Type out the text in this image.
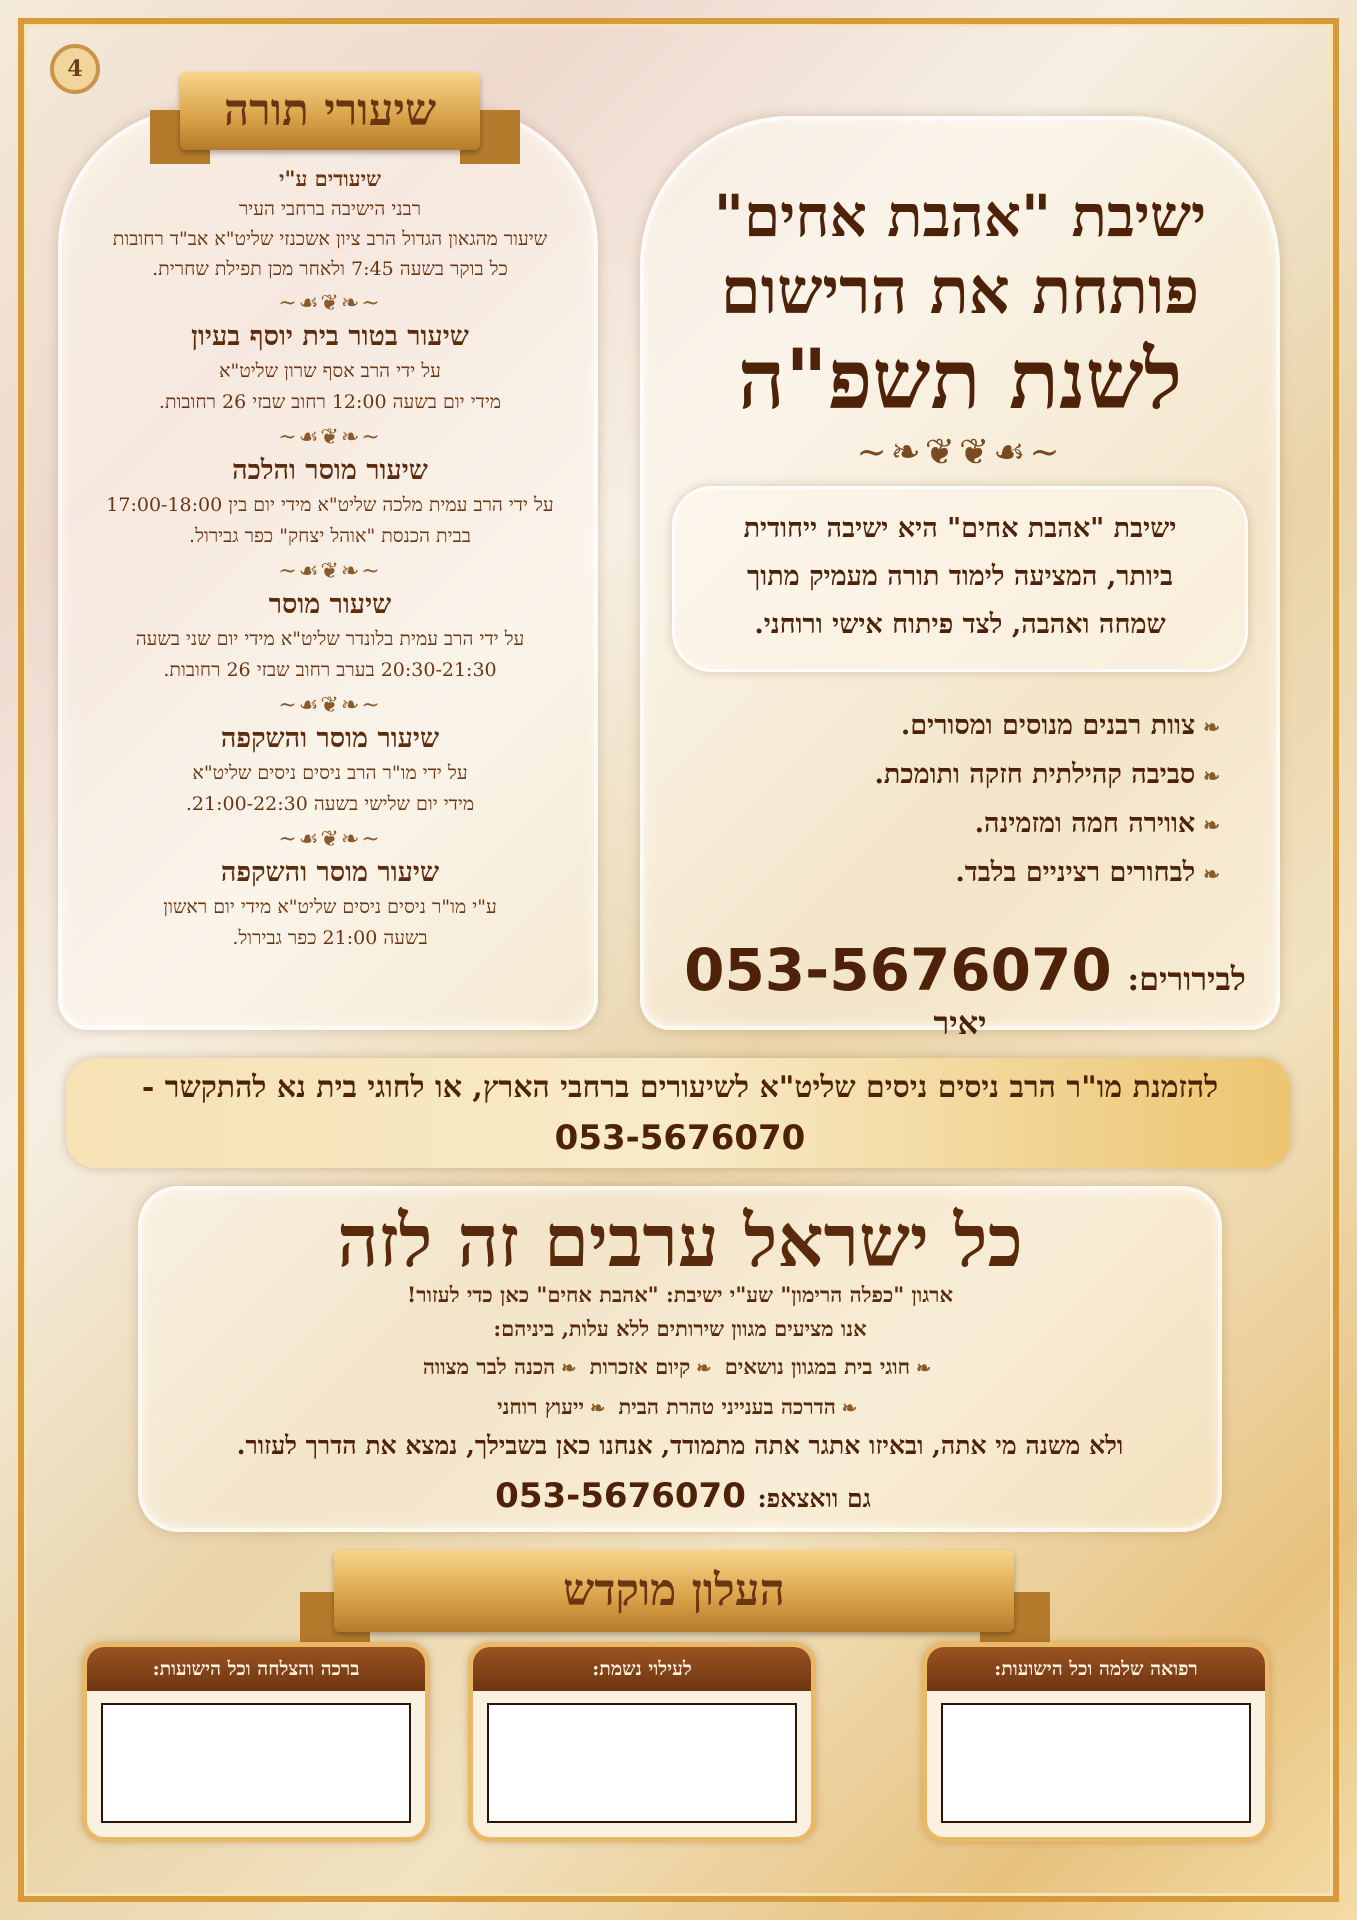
4
שיעורי תורה
שיעודים ע"י
רבני הישיבה ברחבי העיר
שיעור מהגאון הגדול הרב ציון אשכנזי שליט"א אב"ד רחובות
כל בוקר בשעה 7:45 ולאחר מכן תפילת שחרית.
~❧❦☙~
שיעור בטור בית יוסף בעיון
על ידי הרב אסף שרון שליט"א
מידי יום בשעה 12:00 רחוב שבזי 26 רחובות.
~❧❦☙~
שיעור מוסר והלכה
על ידי הרב עמית מלכה שליט"א מידי יום בין 17:00-18:00
בבית הכנסת "אוהל יצחק" כפר גבירול.
~❧❦☙~
שיעור מוסר
על ידי הרב עמית בלונדר שליט"א מידי יום שני בשעה
20:30-21:30 בערב רחוב שבזי 26 רחובות.
~❧❦☙~
שיעור מוסר והשקפה
על ידי מו"ר הרב ניסים ניסים שליט"א
מידי יום שלישי בשעה 21:00-22:30.
~❧❦☙~
שיעור מוסר והשקפה
ע"י מו"ר ניסים ניסים שליט"א מידי יום ראשון
בשעה 21:00 כפר גבירול.
ישיבת "אהבת אחים"
פותחת את הרישום
לשנת תשפ"ה
~❧❦❦☙~
ישיבת "אהבת אחים" היא ישיבה ייחודית
ביותר, המציעה לימוד תורה מעמיק מתוך
שמחה ואהבה, לצד פיתוח אישי ורוחני.
❧צוות רבנים מנוסים ומסורים.
❧סביבה קהילתית חזקה ותומכת.
❧אווירה חמה ומזמינה.
❧לבחורים רציניים בלבד.
לבירורים: 053-5676070 יאיר
להזמנת מו"ר הרב ניסים ניסים שליט"א לשיעורים ברחבי הארץ, או לחוגי בית נא להתקשר -
053-5676070
כל ישראל ערבים זה לזה
ארגון "כפלה הרימון" שע"י ישיבת: "אהבת אחים" כאן כדי לעזור!
אנו מציעים מגוון שירותים ללא עלות, ביניהם:
❧חוגי בית במגוון נושאים ❧קיום אזכרות ❧הכנה לבר מצווה
❧הדרכה בענייני טהרת הבית ❧ייעוץ רוחני
ולא משנה מי אתה, ובאיזו אתגר אתה מתמודד, אנחנו כאן בשבילך, נמצא את הדרך לעזור.
גם וואצאפ: 053-5676070
העלון מוקדש
ברכה והצלחה וכל הישועות:	לעילוי נשמת:	רפואה שלמה וכל הישועות:
